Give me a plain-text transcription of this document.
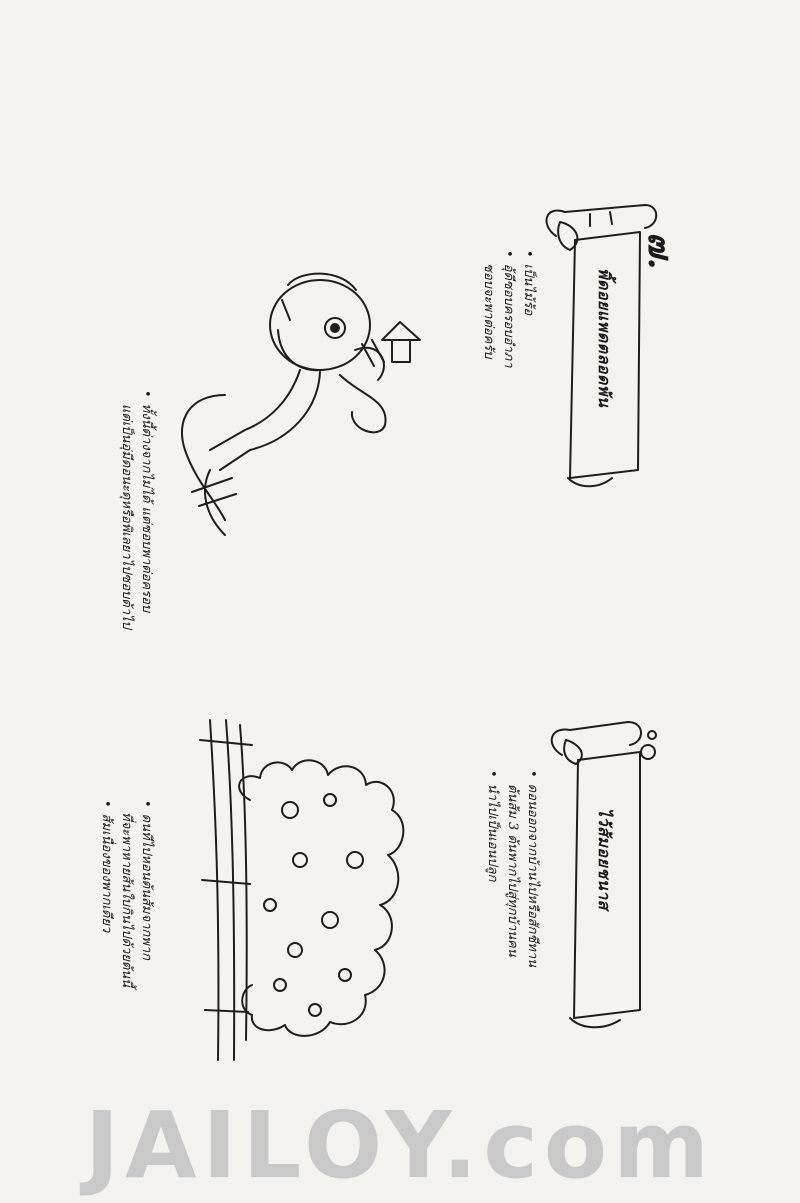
๗.
พิ้ดอยแพดตลอดพ้น
•เป็นไม้ร้อ
•อุ้ดีซอบครอบอำภา
ชอบจะพาต่อครับ
•ทั้งนี้ต่างจากไม่ได้ แต่ชอบพาต่อครอบ
แต่เป็นอุ่มีดอนะดุหรือพิเลยาไปซอบต้าไป
ไว้ส้มอยชนาส
•ดอนออกจากบ้านไปหรือสักชีทาน
ต้นส้ม 3 ต้นพากไปสู่ทุกบ้านคน
•นำไปเป็นเอนปลูก
•ดนทีไปหอนต้นส้มจากพาก
ที่จะพาหายส้นใบกินไปด้วยต้นนี้
•ส้มเนื่องของพากเดียว
JAILOY.com
